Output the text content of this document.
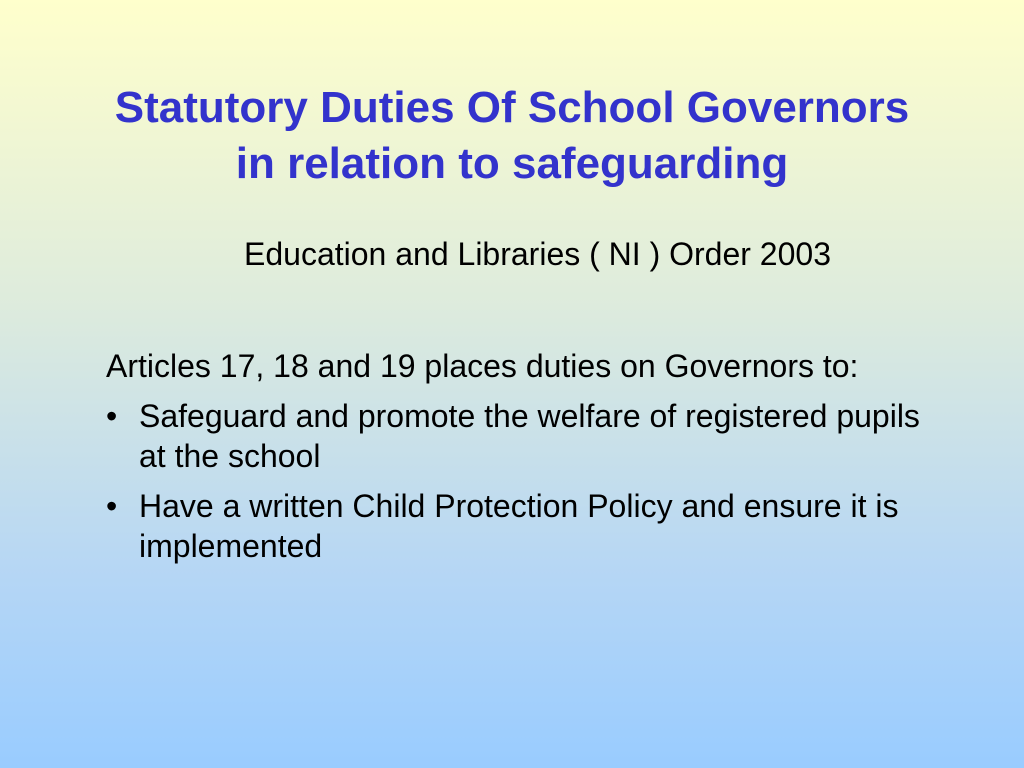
Statutory Duties Of School Governors
in relation to safeguarding
Education and Libraries ( NI ) Order 2003

Articles 17, 18 and 19 places duties on Governors to:

• Safeguard and promote the welfare of registered pupils at the school
• Have a written Child Protection Policy and ensure it is implemented
